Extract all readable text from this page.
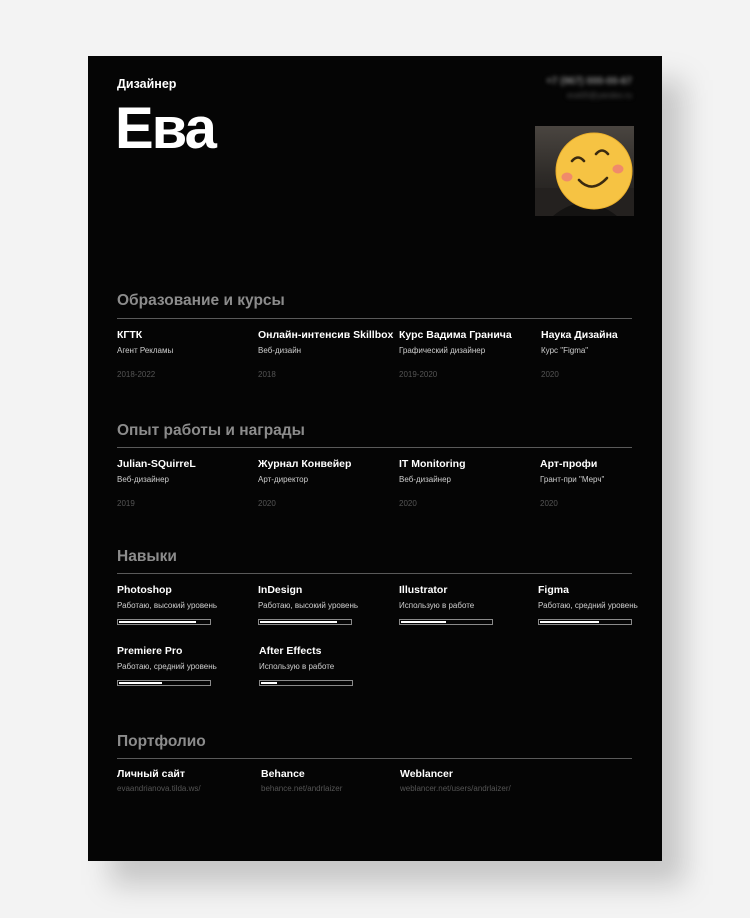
Дизайнер
Ева
+7 (967) 000-00-67
eva00@yandex.ru
Образование и курсы
КГТК
Агент Рекламы
2018-2022
Онлайн-интенсив Skillbox
Веб-дизайн
2018
Курс Вадима Гранича
Графический дизайнер
2019-2020
Наука Дизайна
Курс "Figma"
2020
Опыт работы и награды
Julian-SQuirreL
Веб-дизайнер
2019
Журнал Конвейер
Арт-директор
2020
IT Monitoring
Веб-дизайнер
2020
Арт-профи
Грант-при "Мерч"
2020
Навыки
Photoshop
Работаю, высокий уровень
InDesign
Работаю, высокий уровень
Illustrator
Использую в работе
Figma
Работаю, средний уровень
Premiere Pro
Работаю, средний уровень
After Effects
Использую в работе
Портфолио
Личный сайт
evaandrianova.tilda.ws/
Behance
behance.net/andrlaizer
Weblancer
weblancer.net/users/andrlaizer/
